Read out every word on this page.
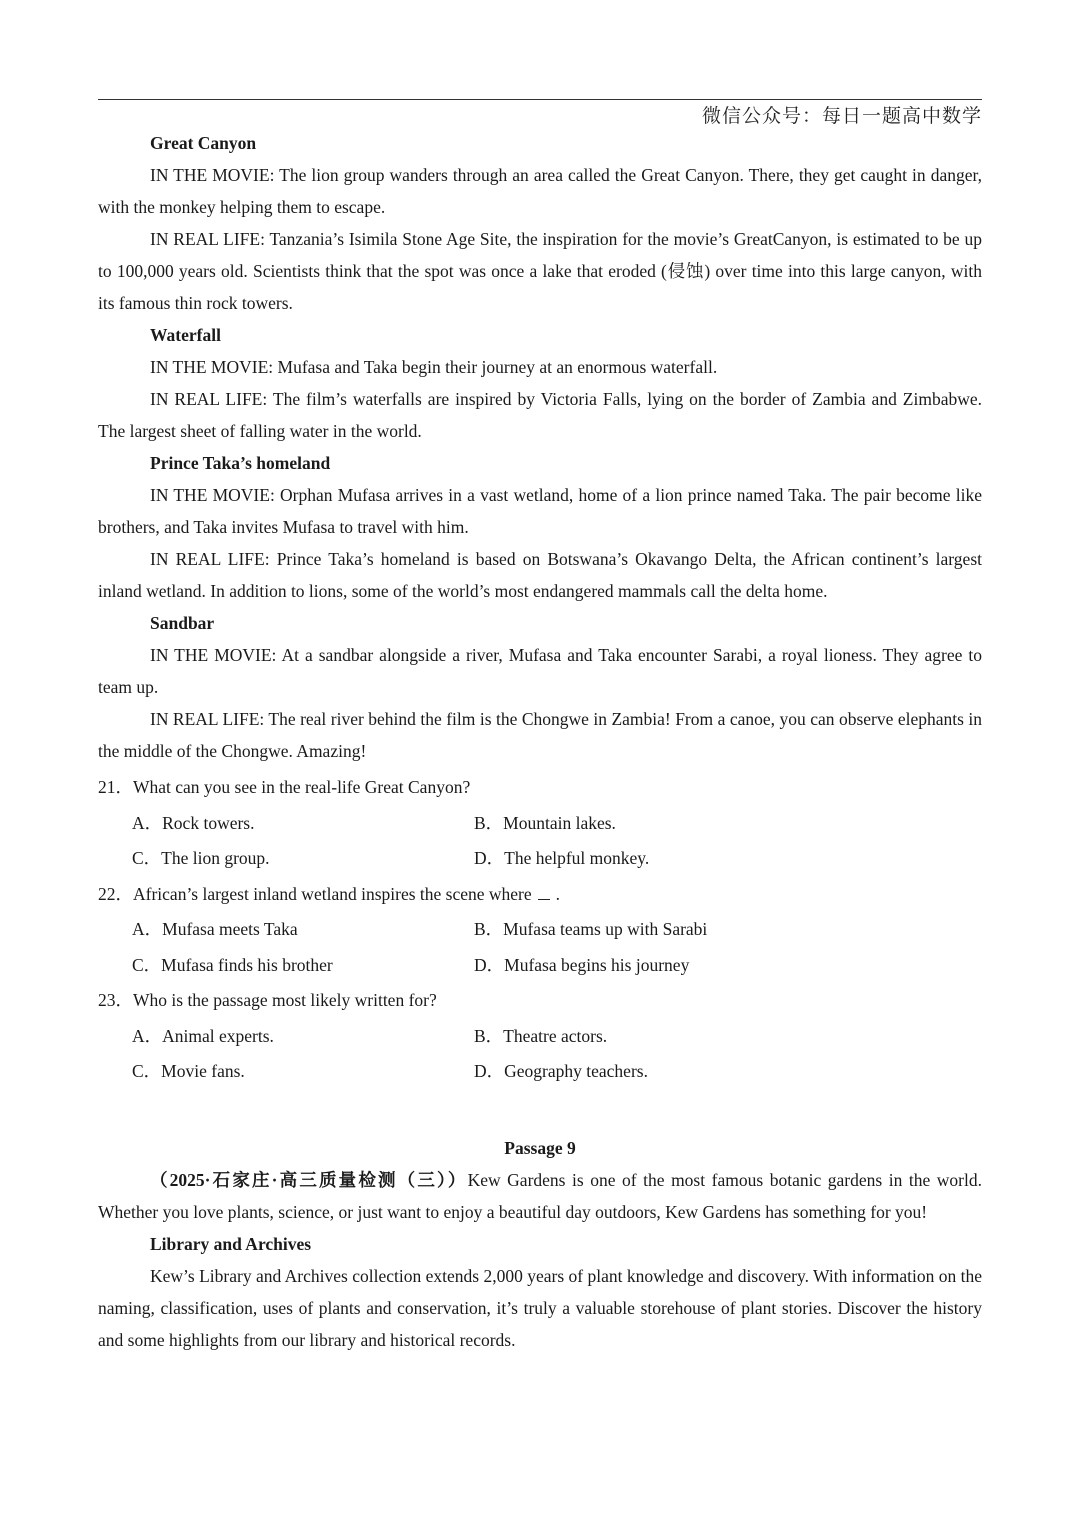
微信公众号：每日一题高中数学

Great Canyon

IN THE MOVIE: The lion group wanders through an area called the Great Canyon. There, they get caught in danger, with the monkey helping them to escape.

IN REAL LIFE: Tanzania’s Isimila Stone Age Site, the inspiration for the movie’s GreatCanyon, is estimated to be up to 100,000 years old. Scientists think that the spot was once a lake that eroded (侵蚀) over time into this large canyon, with its famous thin rock towers.

Waterfall

IN THE MOVIE: Mufasa and Taka begin their journey at an enormous waterfall.

IN REAL LIFE: The film’s waterfalls are inspired by Victoria Falls, lying on the border of Zambia and Zimbabwe. The largest sheet of falling water in the world.

Prince Taka’s homeland

IN THE MOVIE: Orphan Mufasa arrives in a vast wetland, home of a lion prince named Taka. The pair become like brothers, and Taka invites Mufasa to travel with him.

IN REAL LIFE: Prince Taka’s homeland is based on Botswana’s Okavango Delta, the African continent’s largest inland wetland. In addition to lions, some of the world’s most endangered mammals call the delta home.

Sandbar

IN THE MOVIE: At a sandbar alongside a river, Mufasa and Taka encounter Sarabi, a royal lioness. They agree to team up.

IN REAL LIFE: The real river behind the film is the Chongwe in Zambia! From a canoe, you can observe elephants in the middle of the Chongwe. Amazing!

21．What can you see in the real-life Great Canyon?
A．Rock towers.	B．Mountain lakes.
C．The lion group.	D．The helpful monkey.
22．African’s largest inland wetland inspires the scene where .
A．Mufasa meets Taka	B．Mufasa teams up with Sarabi
C．Mufasa finds his brother	D．Mufasa begins his journey
23．Who is the passage most likely written for?
A．Animal experts.	B．Theatre actors.
C．Movie fans.	D．Geography teachers.
Passage 9

（2025·石家庄·高三质量检测（三））Kew Gardens is one of the most famous botanic gardens in the world. Whether you love plants, science, or just want to enjoy a beautiful day outdoors, Kew Gardens has something for you!

Library and Archives

Kew’s Library and Archives collection extends 2,000 years of plant knowledge and discovery. With information on the naming, classification, uses of plants and conservation, it’s truly a valuable storehouse of plant stories. Discover the history and some highlights from our library and historical records.
